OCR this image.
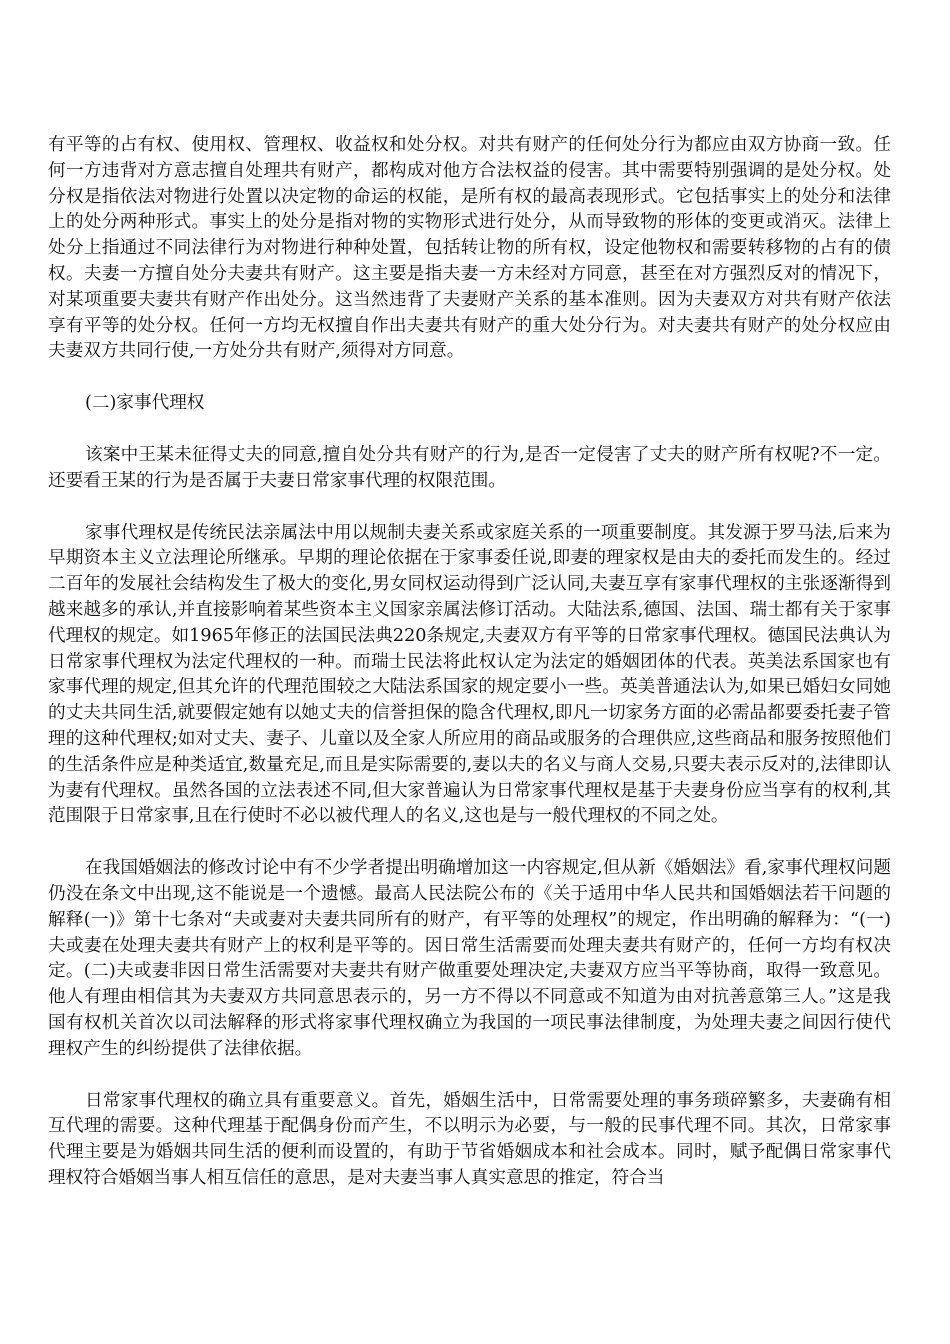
有平等的占有权、使用权、管理权、收益权和处分权。对共有财产的任何处分行为都应由双方协商一致。任何一方违背对方意志擅自处理共有财产，都构成对他方合法权益的侵害。其中需要特别强调的是处分权。处分权是指依法对物进行处置以决定物的命运的权能，是所有权的最高表现形式。它包括事实上的处分和法律上的处分两种形式。事实上的处分是指对物的实物形式进行处分，从而导致物的形体的变更或消灭。法律上处分上指通过不同法律行为对物进行种种处置，包括转让物的所有权，设定他物权和需要转移物的占有的债权。夫妻一方擅自处分夫妻共有财产。这主要是指夫妻一方未经对方同意，甚至在对方强烈反对的情况下，对某项重要夫妻共有财产作出处分。这当然违背了夫妻财产关系的基本准则。因为夫妻双方对共有财产依法享有平等的处分权。任何一方均无权擅自作出夫妻共有财产的重大处分行为。对夫妻共有财产的处分权应由夫妻双方共同行使,一方处分共有财产,须得对方同意。

(二)家事代理权

该案中王某未征得丈夫的同意,擅自处分共有财产的行为,是否一定侵害了丈夫的财产所有权呢?不一定。还要看王某的行为是否属于夫妻日常家事代理的权限范围。

家事代理权是传统民法亲属法中用以规制夫妻关系或家庭关系的一项重要制度。其发源于罗马法,后来为早期资本主义立法理论所继承。早期的理论依据在于家事委任说,即妻的理家权是由夫的委托而发生的。经过二百年的发展社会结构发生了极大的变化,男女同权运动得到广泛认同,夫妻互享有家事代理权的主张逐渐得到越来越多的承认,并直接影响着某些资本主义国家亲属法修订活动。大陆法系,德国、法国、瑞士都有关于家事代理权的规定。如1965年修正的法国民法典220条规定,夫妻双方有平等的日常家事代理权。德国民法典认为日常家事代理权为法定代理权的一种。而瑞士民法将此权认定为法定的婚姻团体的代表。英美法系国家也有家事代理的规定,但其允许的代理范围较之大陆法系国家的规定要小一些。英美普通法认为,如果已婚妇女同她的丈夫共同生活,就要假定她有以她丈夫的信誉担保的隐含代理权,即凡一切家务方面的必需品都要委托妻子管理的这种代理权;如对丈夫、妻子、儿童以及全家人所应用的商品或服务的合理供应,这些商品和服务按照他们的生活条件应是种类适宜,数量充足,而且是实际需要的,妻以夫的名义与商人交易,只要夫表示反对的,法律即认为妻有代理权。虽然各国的立法表述不同,但大家普遍认为日常家事代理权是基于夫妻身份应当享有的权利,其范围限于日常家事,且在行使时不必以被代理人的名义,这也是与一般代理权的不同之处。

在我国婚姻法的修改讨论中有不少学者提出明确增加这一内容规定,但从新《婚姻法》看,家事代理权问题仍没在条文中出现,这不能说是一个遗憾。最高人民法院公布的《关于适用中华人民共和国婚姻法若干问题的解释(一)》第十七条对“夫或妻对夫妻共同所有的财产，有平等的处理权”的规定，作出明确的解释为：“(一)夫或妻在处理夫妻共有财产上的权利是平等的。因日常生活需要而处理夫妻共有财产的，任何一方均有权决定。(二)夫或妻非因日常生活需要对夫妻共有财产做重要处理决定,夫妻双方应当平等协商，取得一致意见。他人有理由相信其为夫妻双方共同意思表示的，另一方不得以不同意或不知道为由对抗善意第三人。”这是我国有权机关首次以司法解释的形式将家事代理权确立为我国的一项民事法律制度，为处理夫妻之间因行使代理权产生的纠纷提供了法律依据。

日常家事代理权的确立具有重要意义。首先，婚姻生活中，日常需要处理的事务琐碎繁多，夫妻确有相互代理的需要。这种代理基于配偶身份而产生，不以明示为必要，与一般的民事代理不同。其次，日常家事代理主要是为婚姻共同生活的便利而设置的，有助于节省婚姻成本和社会成本。同时，赋予配偶日常家事代理权符合婚姻当事人相互信任的意思，是对夫妻当事人真实意思的推定，符合当
